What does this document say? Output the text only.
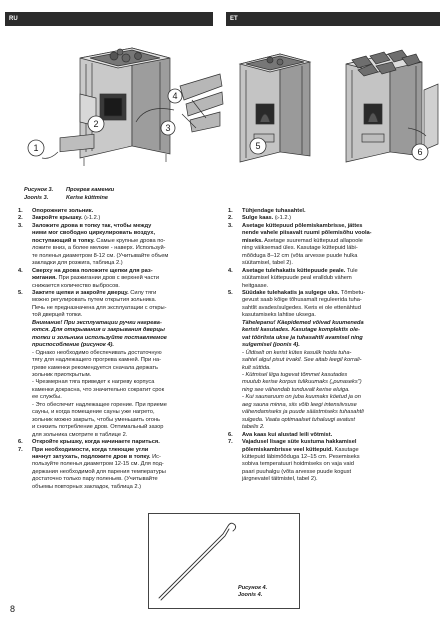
RU	ET
1
2	3
4
5
6
Рисунок 3. Прогрев каменки
Joonis 3.	Kerise küttmine
1. Опорожните зольник.
2. Закройте крышку. (▹1.2.)
3. Заложите дрова в топку так, чтобы между
ними мог свободно циркулировать воздух,
поступающий в топку. Самые крупные дрова по-
ложите вниз, а более мелкие - наверх. Используй-
те поленья диаметром 8-12 см. (Учитывайте объем
закладки для розжига, таблица 2.)
4. Сверху на дрова положите щепки для раз-
жигания. При разжигании дров с верхней части
снижается количество выбросов.
5. Зажгите щепки и закройте дверцу. Силу тяги
можно регулировать путем открытия зольника.
Печь не предназначена для эксплуатации с откры-
той дверцей топки.
Внимание! При эксплуатации ручки нагрева-
ются. Для открывания и закрывания дверцы
топки и зольника используйте поставляемое
приспособление (рисунок 4).
- Однако необходимо обеспечивать достаточную
тягу для надлежащего прогрева камней. При на-
греве каменки рекомендуется сначала держать
зольник приоткрытым.
- Чрезмерная тяга приведет к нагреву корпуса
каменки докрасна, что значительно сократит срок
ее службы.
- Это обеспечит надлежащее горение. При приеме
сауны, и когда помещение сауны уже нагрето,
зольник можно закрыть, чтобы уменьшить огонь
и снизить потребление дров. Оптимальный зазор
для зольника смотрите в таблице 2.
6. Откройте крышку, когда начинаете париться.
7. При необходимости, когда тлеющие угли
начнут затухать, подложите дров в топку. Ис-
пользуйте поленья диаметром 12-15 см. Для под-
держания необходимой для парения температуры
достаточно только пару поленьев. (Учитывайте
объемы повторных закладок, таблица 2.)
1. Tühjendage tuhasahtel.
2. Sulge kaas. (▹1.2.)
3. Asetage küttepuud põlemiskambrisse, jättes
nende vahele piisavalt ruumi põlemisõhu voola-
miseks. Asetage suuremad küttepuud allapoole
ning väiksemad üles. Kasutage küttepuid läbi-
mõõduga 8–12 cm (võta arvesse puude hulka
süütamisel, tabel 2).
4. Asetage tulehakatis küttepuude peale. Tule
süütamisel küttepuude peal eralldub vähem
heitgaase.
5. Süüdake tulehakatis ja sulgege uks. Tõmbetu-
gevust saab kõige tõhusamalt reguleerida tuha-
sahtlit avades/sulgedes. Keris ei ole ettenähtud
kasutamiseks lahtise uksega.
Tähelepanu! Käepidemed võivad kuumeneda
keristi kasutades. Kasutage komplektis ole-
vat tööriista ukse ja tuhasahtli avamisel ning
sulgemisel (joonis 4).
- Üldiselt on kerist kütes kasulik hoida tuha-
sahtel algul pisut irvakil. See aitab leegil korrali-
kult süttida.
- Kütmisel liiga tugevat tõmmet kasutades
muutub kerise korpus tulikuumaks („punaseks")
ning see vähendab tunduvalt kerise eluiga.
- Kui saunaruum on juba kuumaks köetud ja on
aeg sauna minna, siis võib leegi intensiivsuse
vähendamiseks ja puude säästmiseks tuhasahtli
sulgeda. Vaata optimaalset tuhaluugi avatust
tabelis 2.
6. Ava kaas kui alustad leili võtmist.
7. Vajadusel lisage süte kustuma hakkamisel
põlemiskambrisse veel küttepuid. Kasutage
küttepuid läbimõõduga 12–15 cm. Pesemiseks
sobiva temperatuuri hoidmiseks on vaja vaid
paari puuhalgu (võta arvesse puude kogust
järgnevatel täitmistel, tabel 2).
Рисунок 4.
Joonis 4.
8
